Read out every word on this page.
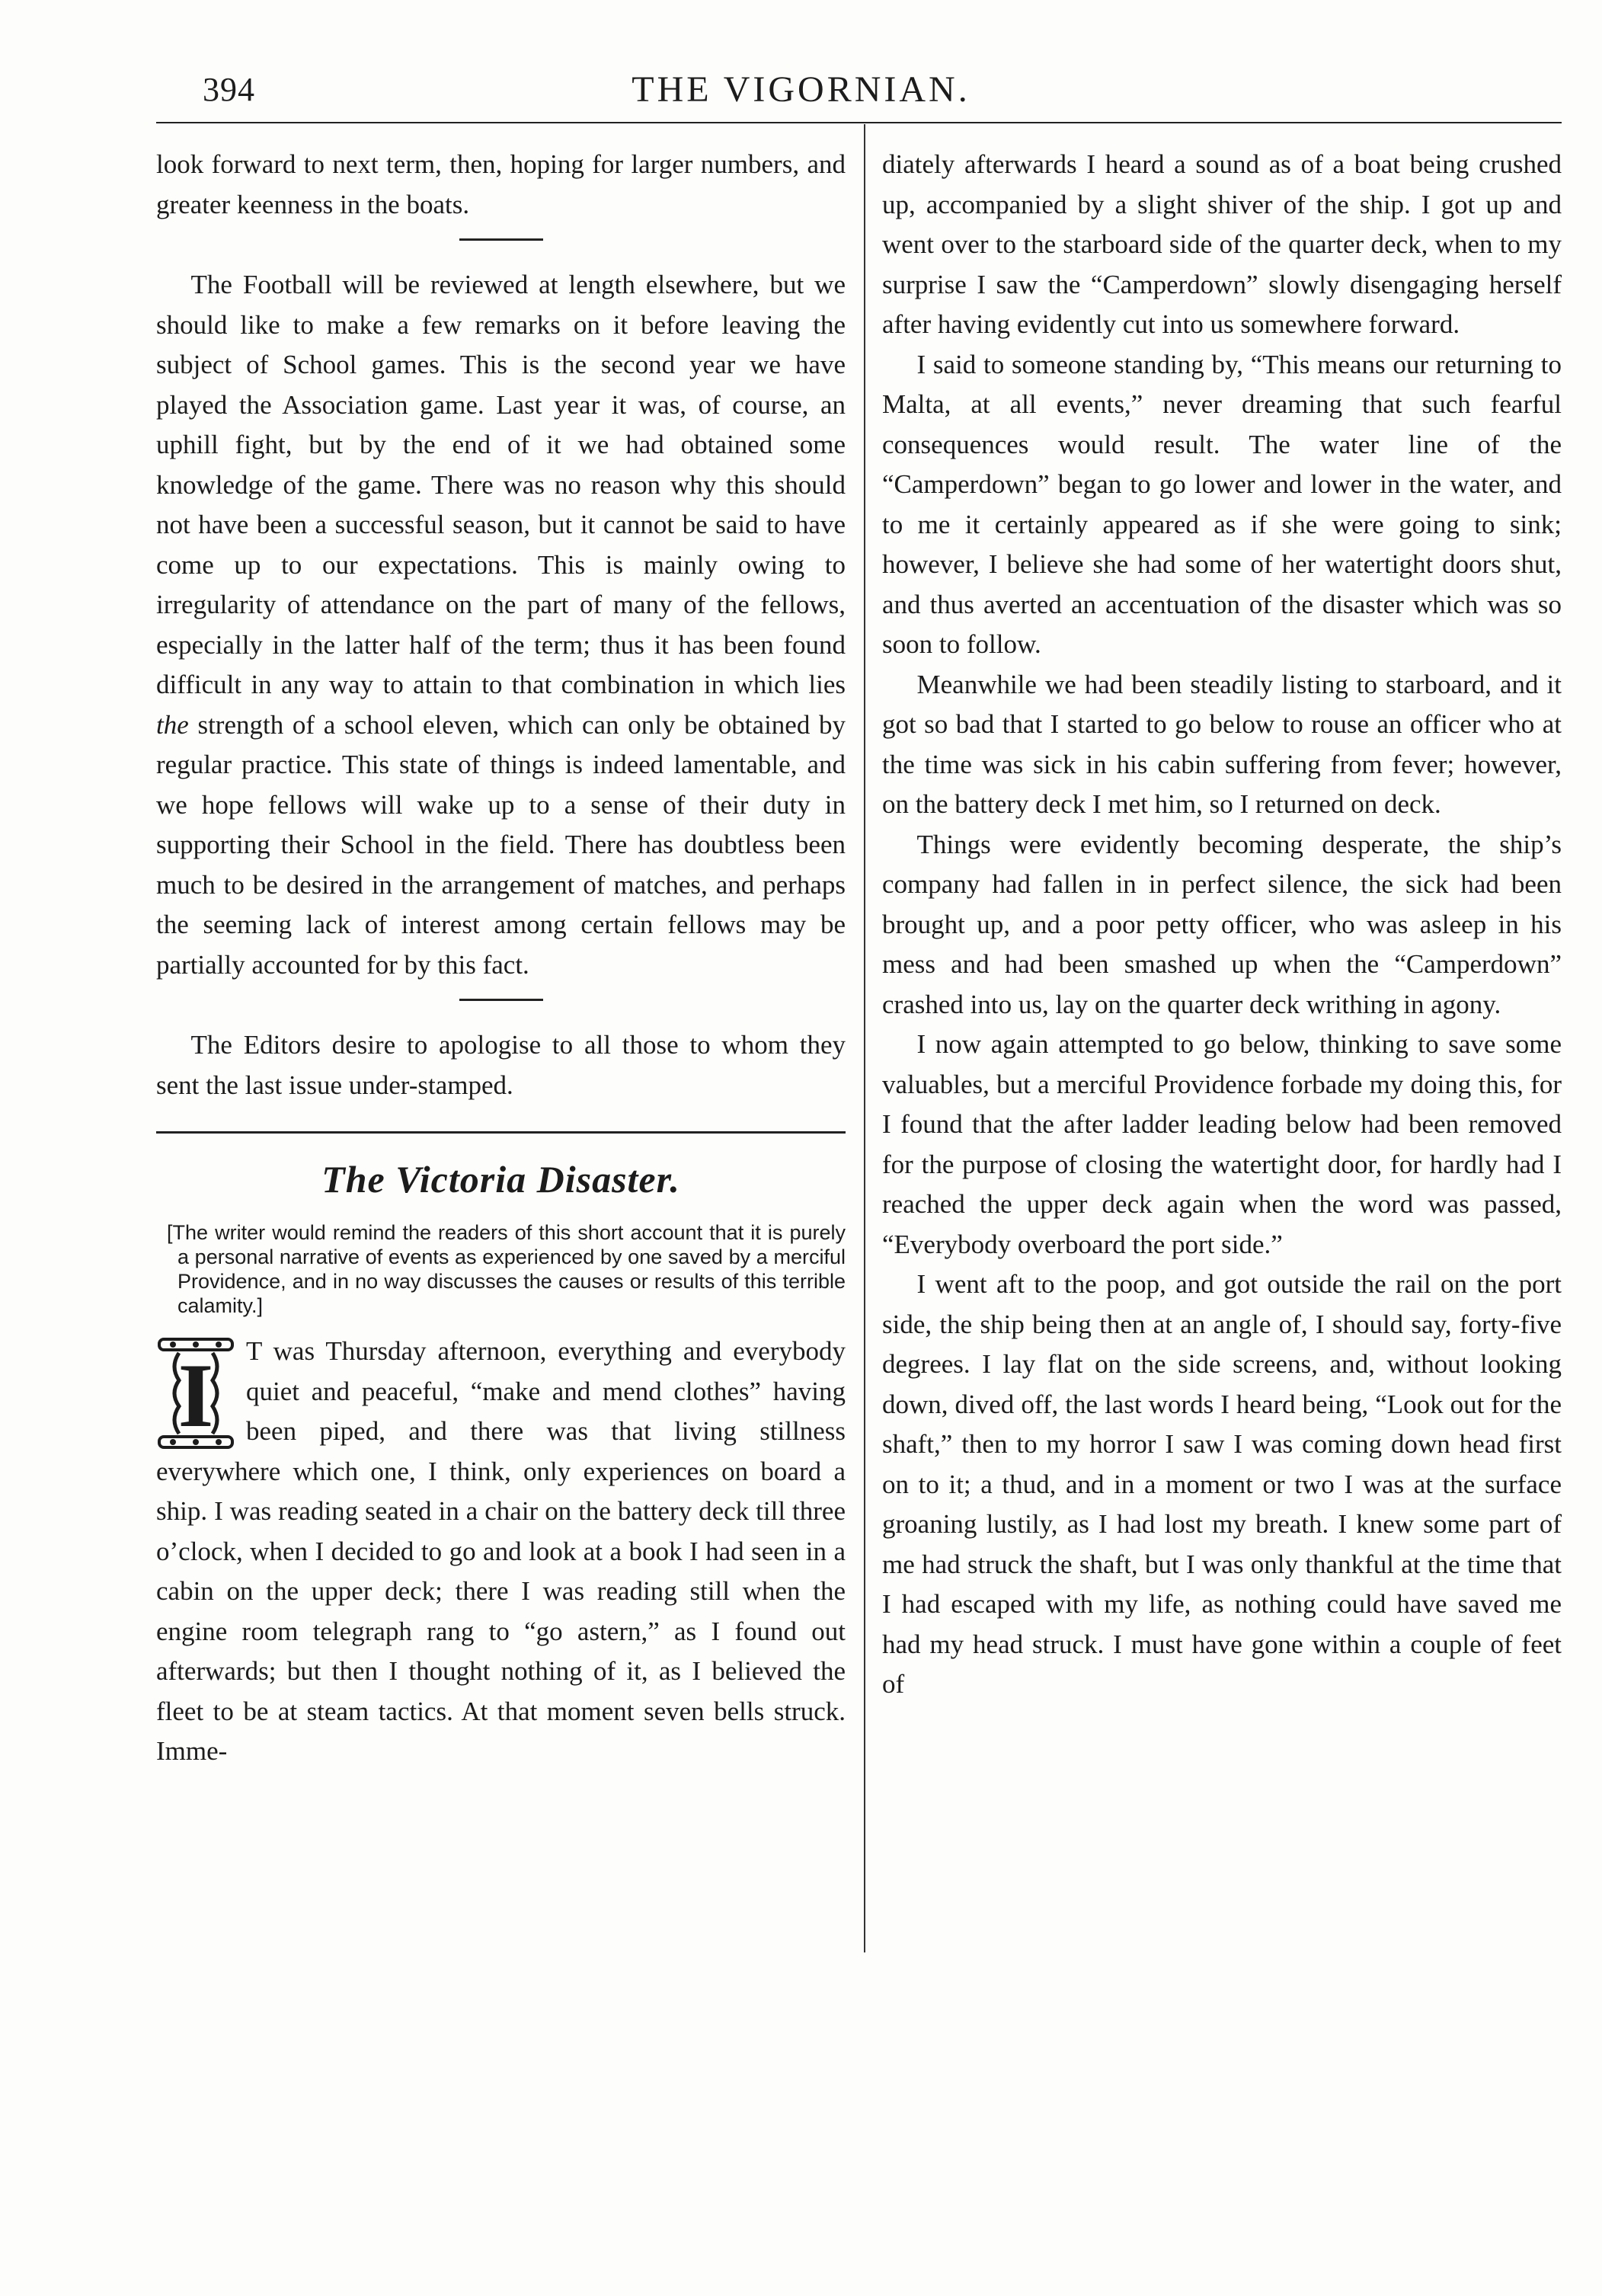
394	THE VIGORNIAN.

look forward to next term, then, hoping for larger numbers, and greater keenness in the boats.

The Football will be reviewed at length elsewhere, but we should like to make a few remarks on it before leaving the subject of School games. This is the second year we have played the Association game. Last year it was, of course, an uphill fight, but by the end of it we had obtained some knowledge of the game. There was no reason why this should not have been a successful season, but it cannot be said to have come up to our expectations. This is mainly owing to irregularity of attendance on the part of many of the fellows, especially in the latter half of the term; thus it has been found difficult in any way to attain to that combination in which lies the strength of a school eleven, which can only be obtained by regular practice. This state of things is indeed lamentable, and we hope fellows will wake up to a sense of their duty in supporting their School in the field. There has doubtless been much to be desired in the arrangement of matches, and perhaps the seeming lack of interest among certain fellows may be partially accounted for by this fact.

The Editors desire to apologise to all those to whom they sent the last issue under-stamped.

The Victoria Disaster.
[The writer would remind the readers of this short account that it is purely a personal narrative of events as experienced by one saved by a merciful Providence, and in no way discusses the causes or results of this terrible calamity.]

I T was Thursday afternoon, everything and everybody quiet and peaceful, “make and mend clothes” having been piped, and there was that living stillness everywhere which one, I think, only experiences on board a ship. I was reading seated in a chair on the battery deck till three o’clock, when I decided to go and look at a book I had seen in a cabin on the upper deck; there I was reading still when the engine room telegraph rang to “go astern,” as I found out afterwards; but then I thought nothing of it, as I believed the fleet to be at steam tactics. At that moment seven bells struck. Imme-

diately afterwards I heard a sound as of a boat being crushed up, accompanied by a slight shiver of the ship. I got up and went over to the starboard side of the quarter deck, when to my surprise I saw the “Camperdown” slowly disengaging herself after having evidently cut into us somewhere forward.

I said to someone standing by, “This means our returning to Malta, at all events,” never dreaming that such fearful consequences would result. The water line of the “Camperdown” began to go lower and lower in the water, and to me it certainly appeared as if she were going to sink; however, I believe she had some of her watertight doors shut, and thus averted an accentuation of the disaster which was so soon to follow.

Meanwhile we had been steadily listing to starboard, and it got so bad that I started to go below to rouse an officer who at the time was sick in his cabin suffering from fever; however, on the battery deck I met him, so I returned on deck.

Things were evidently becoming desperate, the ship’s company had fallen in in perfect silence, the sick had been brought up, and a poor petty officer, who was asleep in his mess and had been smashed up when the “Camperdown” crashed into us, lay on the quarter deck writhing in agony.

I now again attempted to go below, thinking to save some valuables, but a merciful Providence forbade my doing this, for I found that the after ladder leading below had been removed for the purpose of closing the watertight door, for hardly had I reached the upper deck again when the word was passed, “Everybody overboard the port side.”

I went aft to the poop, and got outside the rail on the port side, the ship being then at an angle of, I should say, forty-five degrees. I lay flat on the side screens, and, without looking down, dived off, the last words I heard being, “Look out for the shaft,” then to my horror I saw I was coming down head first on to it; a thud, and in a moment or two I was at the surface groaning lustily, as I had lost my breath. I knew some part of me had struck the shaft, but I was only thankful at the time that I had escaped with my life, as nothing could have saved me had my head struck. I must have gone within a couple of feet of
